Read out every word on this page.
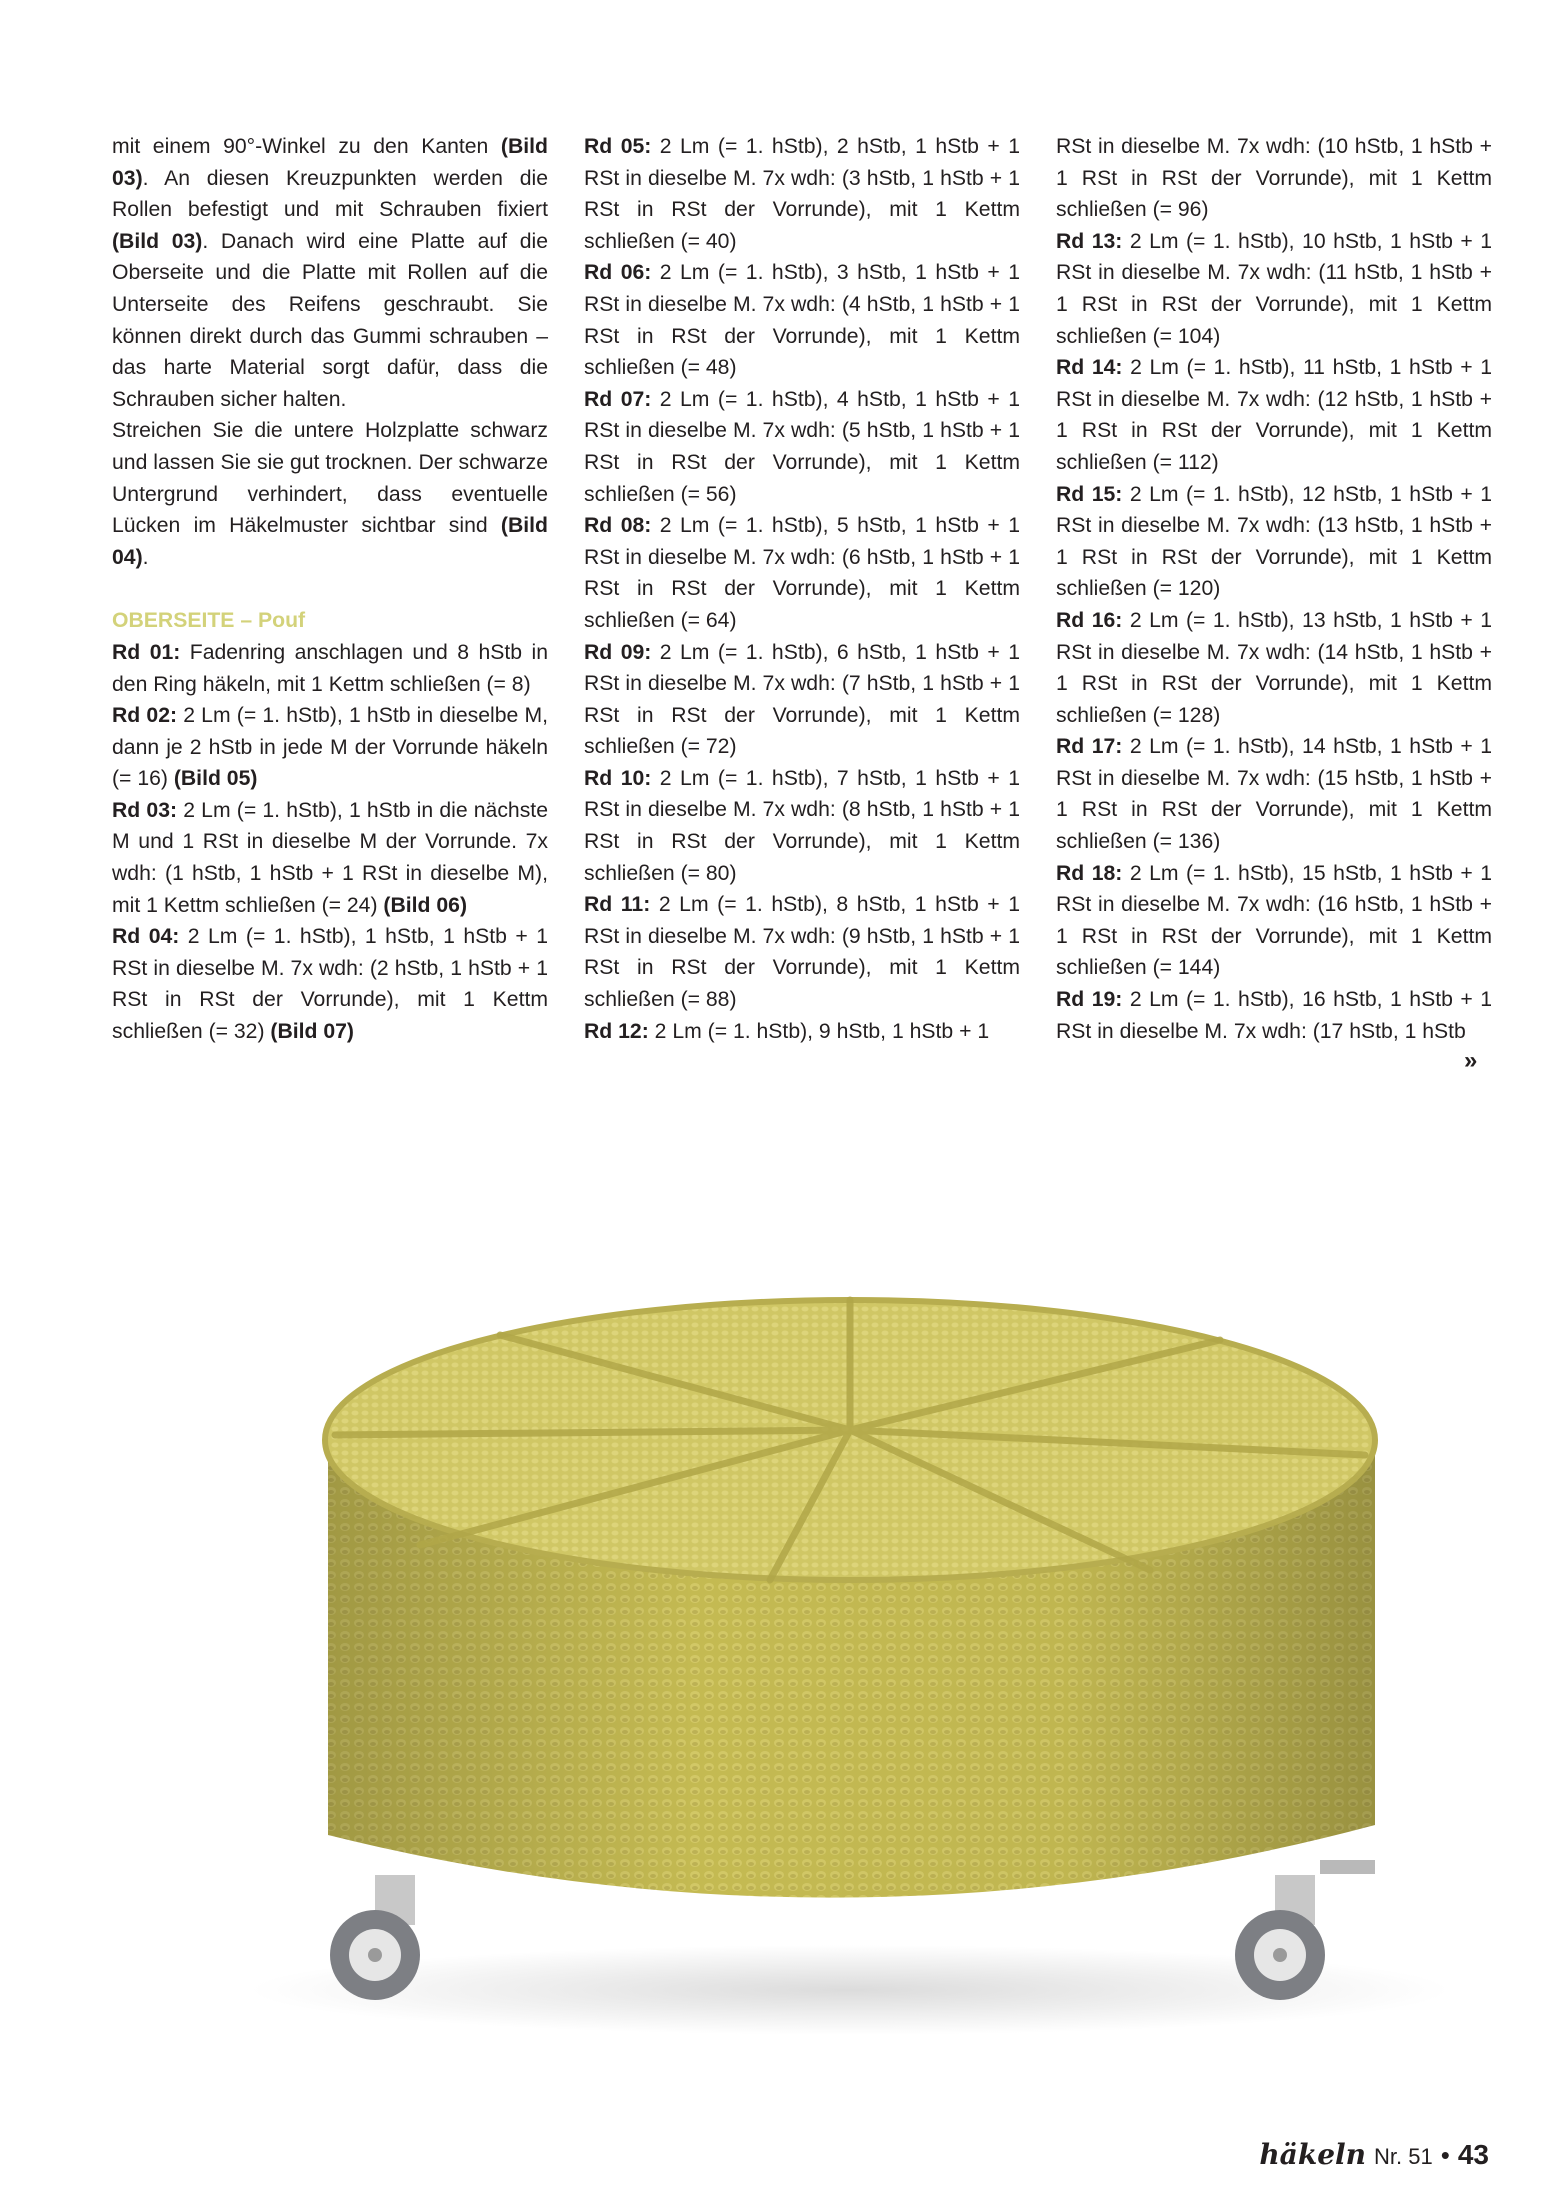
mit einem 90°-Winkel zu den Kanten (Bild 03). An diesen Kreuzpunkten werden die Rollen befestigt und mit Schrauben fixiert (Bild 03). Danach wird eine Platte auf die Oberseite und die Platte mit Rollen auf die Unterseite des Reifens geschraubt. Sie können direkt durch das Gummi schrauben – das harte Material sorgt dafür, dass die Schrauben sicher halten.

Streichen Sie die untere Holzplatte schwarz und lassen Sie sie gut trocknen. Der schwarze Untergrund verhindert, dass eventuelle Lücken im Häkelmuster sichtbar sind (Bild 04).

OBERSEITE – Pouf

Rd 01: Fadenring anschlagen und 8 hStb in den Ring häkeln, mit 1 Kettm schließen (= 8)

Rd 02: 2 Lm (= 1. hStb), 1 hStb in dieselbe M, dann je 2 hStb in jede M der Vorrunde häkeln (= 16) (Bild 05)

Rd 03: 2 Lm (= 1. hStb), 1 hStb in die nächste M und 1 RSt in dieselbe M der Vorrunde. 7x wdh: (1 hStb, 1 hStb + 1 RSt in dieselbe M), mit 1 Kettm schließen (= 24) (Bild 06)

Rd 04: 2 Lm (= 1. hStb), 1 hStb, 1 hStb + 1 RSt in dieselbe M. 7x wdh: (2 hStb, 1 hStb + 1 RSt in RSt der Vorrunde), mit 1 Kettm schließen (= 32) (Bild 07)

Rd 05: 2 Lm (= 1. hStb), 2 hStb, 1 hStb + 1 RSt in dieselbe M. 7x wdh: (3 hStb, 1 hStb + 1 RSt in RSt der Vorrunde), mit 1 Kettm schließen (= 40)

Rd 06: 2 Lm (= 1. hStb), 3 hStb, 1 hStb + 1 RSt in dieselbe M. 7x wdh: (4 hStb, 1 hStb + 1 RSt in RSt der Vorrunde), mit 1 Kettm schließen (= 48)

Rd 07: 2 Lm (= 1. hStb), 4 hStb, 1 hStb + 1 RSt in dieselbe M. 7x wdh: (5 hStb, 1 hStb + 1 RSt in RSt der Vorrunde), mit 1 Kettm schließen (= 56)

Rd 08: 2 Lm (= 1. hStb), 5 hStb, 1 hStb + 1 RSt in dieselbe M. 7x wdh: (6 hStb, 1 hStb + 1 RSt in RSt der Vorrunde), mit 1 Kettm schließen (= 64)

Rd 09: 2 Lm (= 1. hStb), 6 hStb, 1 hStb + 1 RSt in dieselbe M. 7x wdh: (7 hStb, 1 hStb + 1 RSt in RSt der Vorrunde), mit 1 Kettm schließen (= 72)

Rd 10: 2 Lm (= 1. hStb), 7 hStb, 1 hStb + 1 RSt in dieselbe M. 7x wdh: (8 hStb, 1 hStb + 1 RSt in RSt der Vorrunde), mit 1 Kettm schließen (= 80)

Rd 11: 2 Lm (= 1. hStb), 8 hStb, 1 hStb + 1 RSt in dieselbe M. 7x wdh: (9 hStb, 1 hStb + 1 RSt in RSt der Vorrunde), mit 1 Kettm schließen (= 88)

Rd 12: 2 Lm (= 1. hStb), 9 hStb, 1 hStb + 1

RSt in dieselbe M. 7x wdh: (10 hStb, 1 hStb + 1 RSt in RSt der Vorrunde), mit 1 Kettm schließen (= 96)

Rd 13: 2 Lm (= 1. hStb), 10 hStb, 1 hStb + 1 RSt in dieselbe M. 7x wdh: (11 hStb, 1 hStb + 1 RSt in RSt der Vorrunde), mit 1 Kettm schließen (= 104)

Rd 14: 2 Lm (= 1. hStb), 11 hStb, 1 hStb + 1 RSt in dieselbe M. 7x wdh: (12 hStb, 1 hStb + 1 RSt in RSt der Vorrunde), mit 1 Kettm schließen (= 112)

Rd 15: 2 Lm (= 1. hStb), 12 hStb, 1 hStb + 1 RSt in dieselbe M. 7x wdh: (13 hStb, 1 hStb + 1 RSt in RSt der Vorrunde), mit 1 Kettm schließen (= 120)

Rd 16: 2 Lm (= 1. hStb), 13 hStb, 1 hStb + 1 RSt in dieselbe M. 7x wdh: (14 hStb, 1 hStb + 1 RSt in RSt der Vorrunde), mit 1 Kettm schließen (= 128)

Rd 17: 2 Lm (= 1. hStb), 14 hStb, 1 hStb + 1 RSt in dieselbe M. 7x wdh: (15 hStb, 1 hStb + 1 RSt in RSt der Vorrunde), mit 1 Kettm schließen (= 136)

Rd 18: 2 Lm (= 1. hStb), 15 hStb, 1 hStb + 1 RSt in dieselbe M. 7x wdh: (16 hStb, 1 hStb + 1 RSt in RSt der Vorrunde), mit 1 Kettm schließen (= 144)

Rd 19: 2 Lm (= 1. hStb), 16 hStb, 1 hStb + 1 RSt in dieselbe M. 7x wdh: (17 hStb, 1 hStb

»
häkeln Nr. 51 • 43
